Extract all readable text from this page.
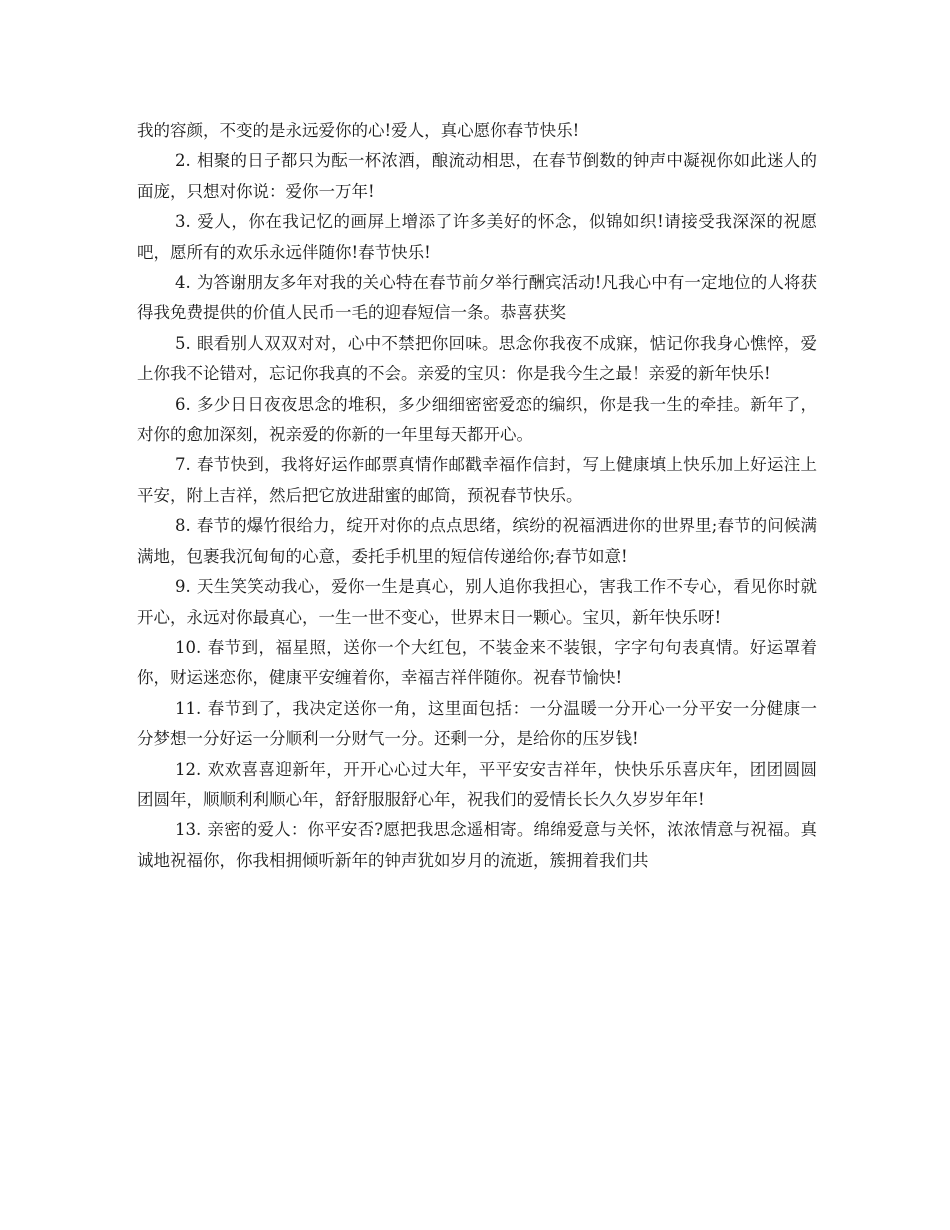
我的容颜，不变的是永远爱你的心!爱人，真心愿你春节快乐!

2. 相聚的日子都只为酝一杯浓酒，酿流动相思，在春节倒数的钟声中凝视你如此迷人的面庞，只想对你说：爱你一万年!

3. 爱人，你在我记忆的画屏上增添了许多美好的怀念，似锦如织!请接受我深深的祝愿吧，愿所有的欢乐永远伴随你!春节快乐!

4. 为答谢朋友多年对我的关心特在春节前夕举行酬宾活动!凡我心中有一定地位的人将获得我免费提供的价值人民币一毛的迎春短信一条。恭喜获奖

5. 眼看别人双双对对，心中不禁把你回味。思念你我夜不成寐，惦记你我身心憔悴，爱上你我不论错对，忘记你我真的不会。亲爱的宝贝：你是我今生之最！亲爱的新年快乐!

6. 多少日日夜夜思念的堆积，多少细细密密爱恋的编织，你是我一生的牵挂。新年了，对你的愈加深刻，祝亲爱的你新的一年里每天都开心。

7. 春节快到，我将好运作邮票真情作邮戳幸福作信封，写上健康填上快乐加上好运注上平安，附上吉祥，然后把它放进甜蜜的邮筒，预祝春节快乐。

8. 春节的爆竹很给力，绽开对你的点点思绪，缤纷的祝福洒进你的世界里;春节的问候满满地，包裹我沉甸甸的心意，委托手机里的短信传递给你;春节如意!

9. 天生笑笑动我心，爱你一生是真心，别人追你我担心，害我工作不专心，看见你时就开心，永远对你最真心，一生一世不变心，世界末日一颗心。宝贝，新年快乐呀!

10. 春节到，福星照，送你一个大红包，不装金来不装银，字字句句表真情。好运罩着你，财运迷恋你，健康平安缠着你，幸福吉祥伴随你。祝春节愉快!

11. 春节到了，我决定送你一角，这里面包括：一分温暖一分开心一分平安一分健康一分梦想一分好运一分顺利一分财气一分。还剩一分，是给你的压岁钱!

12. 欢欢喜喜迎新年，开开心心过大年，平平安安吉祥年，快快乐乐喜庆年，团团圆圆团圆年，顺顺利利顺心年，舒舒服服舒心年，祝我们的爱情长长久久岁岁年年!

13. 亲密的爱人：你平安否?愿把我思念遥相寄。绵绵爱意与关怀，浓浓情意与祝福。真诚地祝福你，你我相拥倾听新年的钟声犹如岁月的流逝，簇拥着我们共
